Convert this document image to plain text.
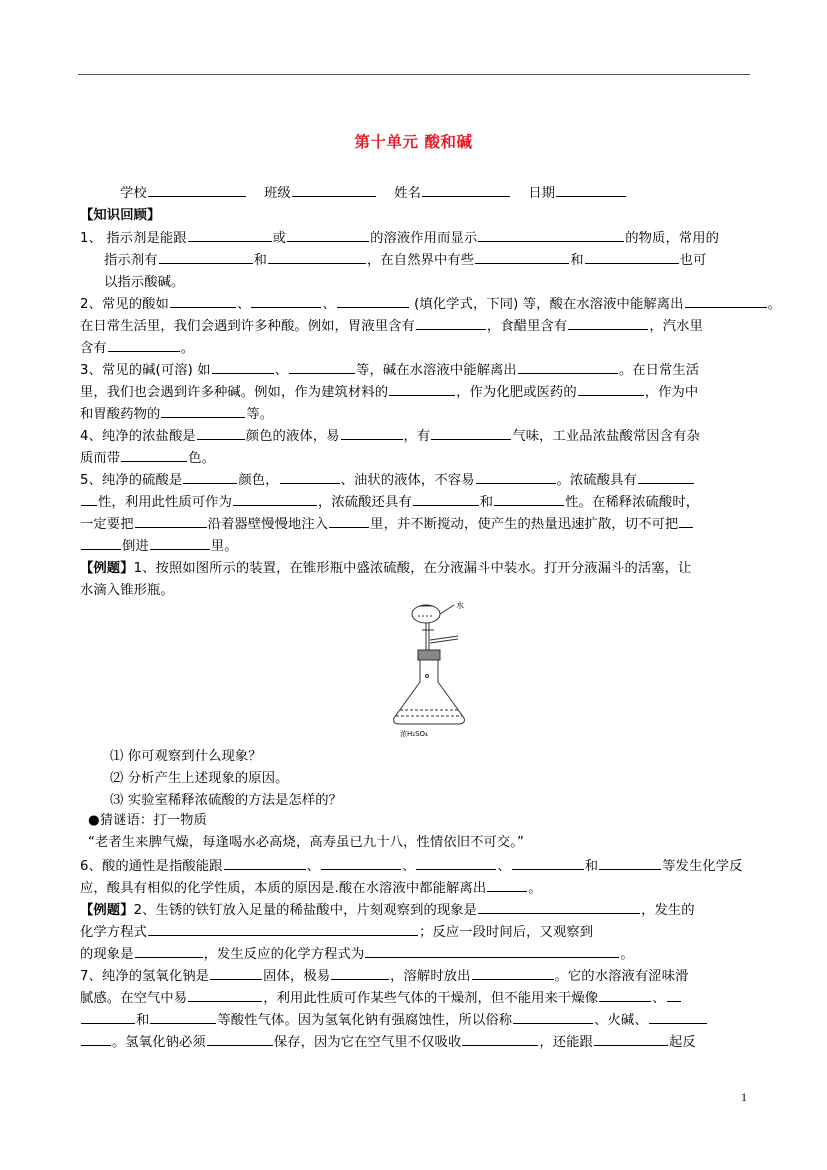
第十单元 酸和碱
学校	班级	姓名	日期
【知识回顾】
1、 指示剂是能跟	或	的溶液作用而显示	的物质，常用的
指示剂有	和	，在自然界中有些	和	也可
以指示酸碱。
2、常见的酸如	、	、	(填化学式，下同) 等，酸在水溶液中能解离出	。
在日常生活里，我们会遇到许多种酸。例如，胃液里含有	，食醋里含有	，汽水里
含有	。
3、常见的碱(可溶) 如	、	等，碱在水溶液中能解离出	。在日常生活
里，我们也会遇到许多种碱。例如，作为建筑材料的	，作为化肥或医药的	，作为中
和胃酸药物的	等。
4、纯净的浓盐酸是	颜色的液体，易	，有	气味，工业品浓盐酸常因含有杂
质而带	色。
5、纯净的硫酸是	颜色，	、油状的液体，不容易	。浓硫酸具有
性，利用此性质可作为	，浓硫酸还具有	和	性。在稀释浓硫酸时，
一定要把	沿着器壁慢慢地注入	里，并不断搅动，使产生的热量迅速扩散，切不可把
倒进	里。
【例题】1、按照如图所示的装置，在锥形瓶中盛浓硫酸，在分液漏斗中装水。打开分液漏斗的活塞，让
水滴入锥形瓶。
水
浓H₂SO₄
⑴ 你可观察到什么现象？
⑵ 分析产生上述现象的原因。
⑶ 实验室稀释浓硫酸的方法是怎样的？
●猜谜语：打一物质
“老者生来脾气燥，每逢喝水必高烧，高寿虽已九十八，性情依旧不可交。”
6、酸的通性是指酸能跟	、	、	、	和	等发生化学反
应，酸具有相似的化学性质，本质的原因是.酸在水溶液中都能解离出	。
【例题】2、生锈的铁钉放入足量的稀盐酸中，片刻观察到的现象是	，发生的
化学方程式	；反应一段时间后，又观察到
的现象是	，发生反应的化学方程式为	。
7、纯净的氢氧化钠是	固体，极易	，溶解时放出	。它的水溶液有涩味滑
腻感。在空气中易	，利用此性质可作某些气体的干燥剂，但不能用来干燥像	、
和	等酸性气体。因为氢氧化钠有强腐蚀性，所以俗称	、火碱、
。氢氧化钠必须	保存，因为它在空气里不仅吸收	，还能跟	起反
1
